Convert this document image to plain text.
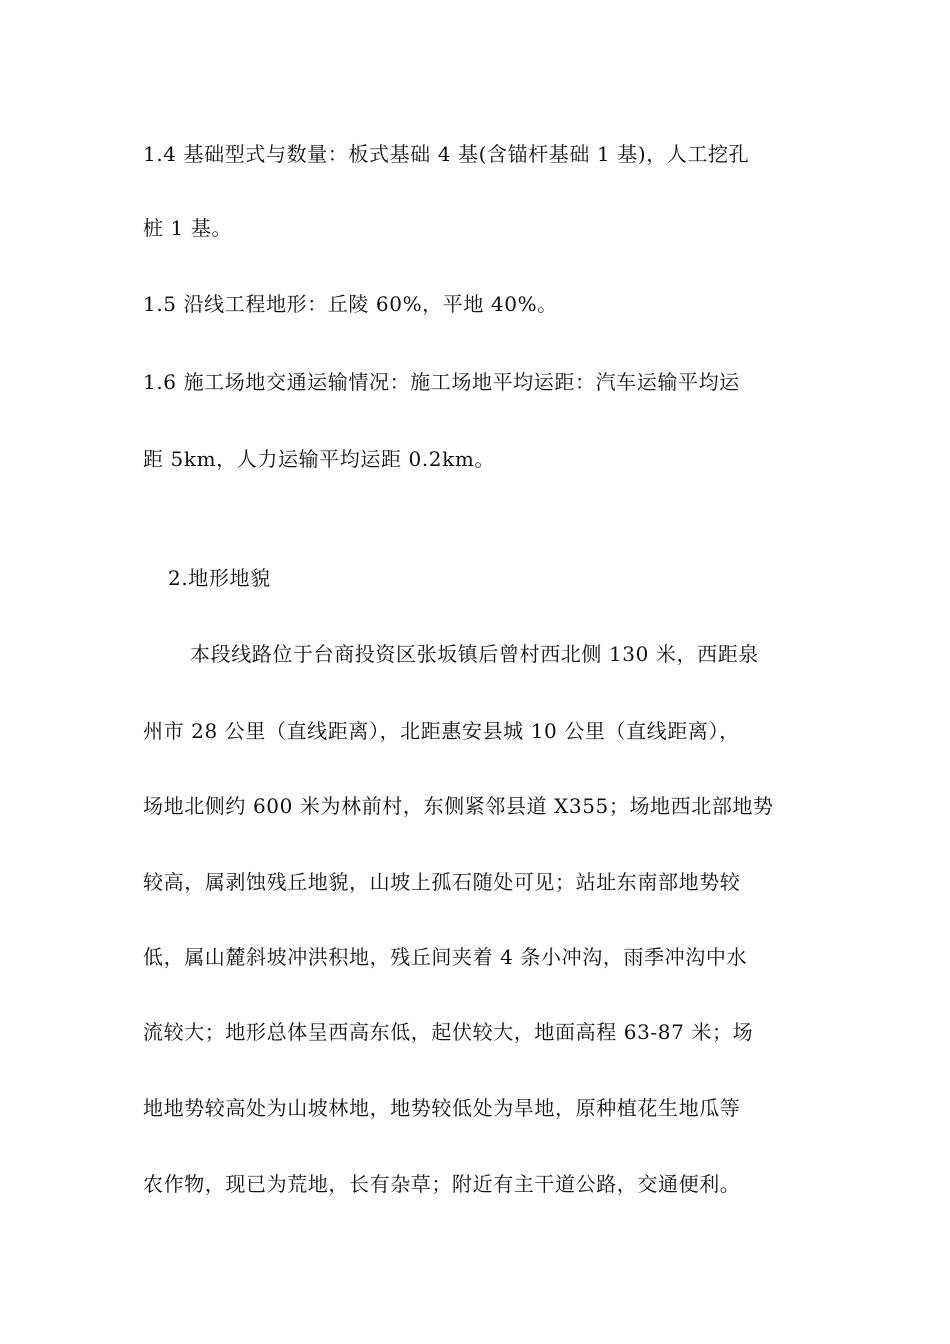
1.4 基础型式与数量：板式基础 4 基(含锚杆基础 1 基)，人工挖孔
桩 1 基。
1.5 沿线工程地形：丘陵 60%，平地 40%。
1.6 施工场地交通运输情况：施工场地平均运距：汽车运输平均运
距 5km，人力运输平均运距 0.2km。
2.地形地貌
本段线路位于台商投资区张坂镇后曾村西北侧 130 米，西距泉
州市 28 公里（直线距离），北距惠安县城 10 公里（直线距离），
场地北侧约 600 米为林前村，东侧紧邻县道 X355；场地西北部地势
较高，属剥蚀残丘地貌，山坡上孤石随处可见；站址东南部地势较
低，属山麓斜坡冲洪积地，残丘间夹着 4 条小冲沟，雨季冲沟中水
流较大；地形总体呈西高东低，起伏较大，地面高程 63-87 米；场
地地势较高处为山坡林地，地势较低处为旱地，原种植花生地瓜等
农作物，现已为荒地，长有杂草；附近有主干道公路，交通便利。
